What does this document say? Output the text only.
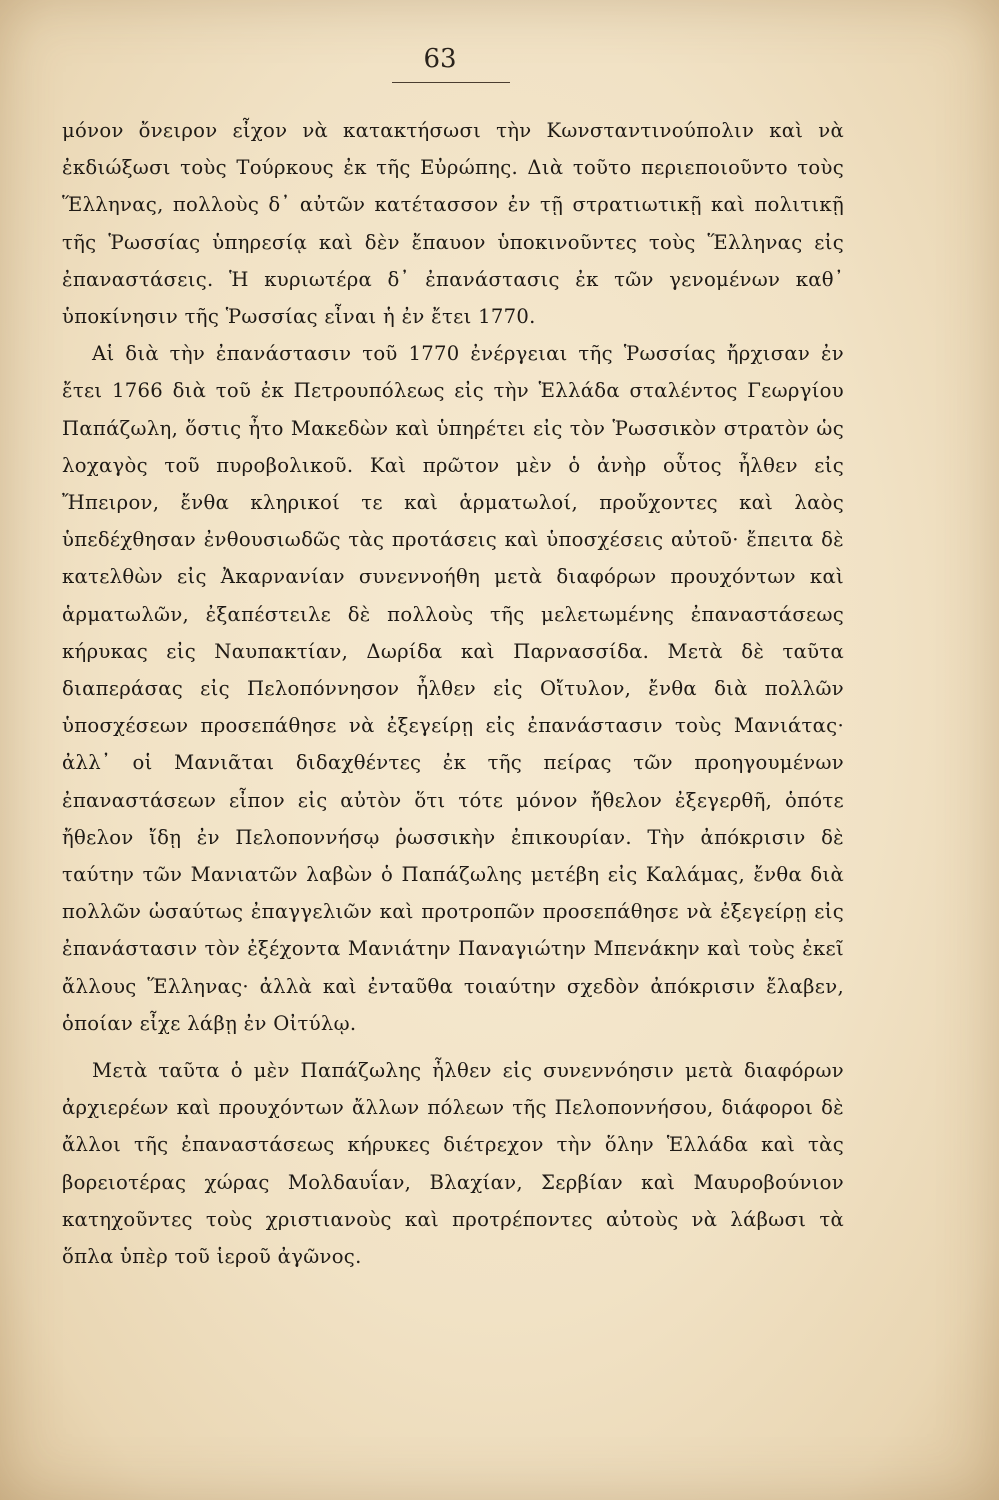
63

μόνον ὄνειρον εἶχον νὰ κατακτήσωσι τὴν Κωνσταντινούπολιν καὶ νὰ ἐκδιώξωσι τοὺς Τούρκους ἐκ τῆς Εὐρώπης. Διὰ τοῦτο περιεποιοῦντο τοὺς Ἕλληνας, πολλοὺς δ᾽ αὐτῶν κατέτασσον ἐν τῇ στρατιωτικῇ καὶ πολιτικῇ τῆς Ῥωσσίας ὑπηρεσίᾳ καὶ δὲν ἔπαυον ὑποκινοῦντες τοὺς Ἕλληνας εἰς ἐπαναστάσεις. Ἡ κυριωτέρα δ᾽ ἐπανάστασις ἐκ τῶν γενομένων καθ᾽ ὑποκίνησιν τῆς Ῥωσσίας εἶναι ἡ ἐν ἔτει 1770.

Αἱ διὰ τὴν ἐπανάστασιν τοῦ 1770 ἐνέργειαι τῆς Ῥωσσίας ἤρχισαν ἐν ἔτει 1766 διὰ τοῦ ἐκ Πετρουπόλεως εἰς τὴν Ἑλλάδα σταλέντος Γεωργίου Παπάζωλη, ὅστις ἦτο Μακεδὼν καὶ ὑπηρέτει εἰς τὸν Ῥωσσικὸν στρατὸν ὡς λοχαγὸς τοῦ πυροβολικοῦ. Καὶ πρῶτον μὲν ὁ ἀνὴρ οὗτος ἦλθεν εἰς Ἤπειρον, ἔνθα κληρικοί τε καὶ ἁρματωλοί, προὔχοντες καὶ λαὸς ὑπεδέχθησαν ἐνθουσιωδῶς τὰς προτάσεις καὶ ὑποσχέσεις αὐτοῦ· ἔπειτα δὲ κατελθὼν εἰς Ἀκαρνανίαν συνεννοήθη μετὰ διαφόρων προυχόντων καὶ ἁρματωλῶν, ἐξαπέστειλε δὲ πολλοὺς τῆς μελετωμένης ἐπαναστάσεως κήρυκας εἰς Ναυπακτίαν, Δωρίδα καὶ Παρνασσίδα. Μετὰ δὲ ταῦτα διαπεράσας εἰς Πελοπόννησον ἦλθεν εἰς Οἴτυλον, ἔνθα διὰ πολλῶν ὑποσχέσεων προσεπάθησε νὰ ἐξεγείρῃ εἰς ἐπανάστασιν τοὺς Μανιάτας· ἀλλ᾽ οἱ Μανιᾶται διδαχθέντες ἐκ τῆς πείρας τῶν προηγουμένων ἐπαναστάσεων εἶπον εἰς αὐτὸν ὅτι τότε μόνον ἤθελον ἐξεγερθῆ, ὁπότε ἤθελον ἴδῃ ἐν Πελοποννήσῳ ῥωσσικὴν ἐπικουρίαν. Τὴν ἀπόκρισιν δὲ ταύτην τῶν Μανιατῶν λαβὼν ὁ Παπάζωλης μετέβη εἰς Καλάμας, ἔνθα διὰ πολλῶν ὡσαύτως ἐπαγγελιῶν καὶ προτροπῶν προσεπάθησε νὰ ἐξεγείρῃ εἰς ἐπανάστασιν τὸν ἐξέχοντα Μανιάτην Παναγιώτην Μπενάκην καὶ τοὺς ἐκεῖ ἄλλους Ἕλληνας· ἀλλὰ καὶ ἐνταῦθα τοιαύτην σχεδὸν ἀπόκρισιν ἔλαβεν, ὁποίαν εἶχε λάβῃ ἐν Οἰτύλῳ.

Μετὰ ταῦτα ὁ μὲν Παπάζωλης ἦλθεν εἰς συνεννόησιν μετὰ διαφόρων ἀρχιερέων καὶ προυχόντων ἄλλων πόλεων τῆς Πελοποννήσου, διάφοροι δὲ ἄλλοι τῆς ἐπαναστάσεως κήρυκες διέτρεχον τὴν ὅλην Ἑλλάδα καὶ τὰς βορειοτέρας χώρας Μολδαυΐαν, Βλαχίαν, Σερβίαν καὶ Μαυροβούνιον κατηχοῦντες τοὺς χριστιανοὺς καὶ προτρέποντες αὐτοὺς νὰ λάβωσι τὰ ὅπλα ὑπὲρ τοῦ ἱεροῦ ἀγῶνος.
